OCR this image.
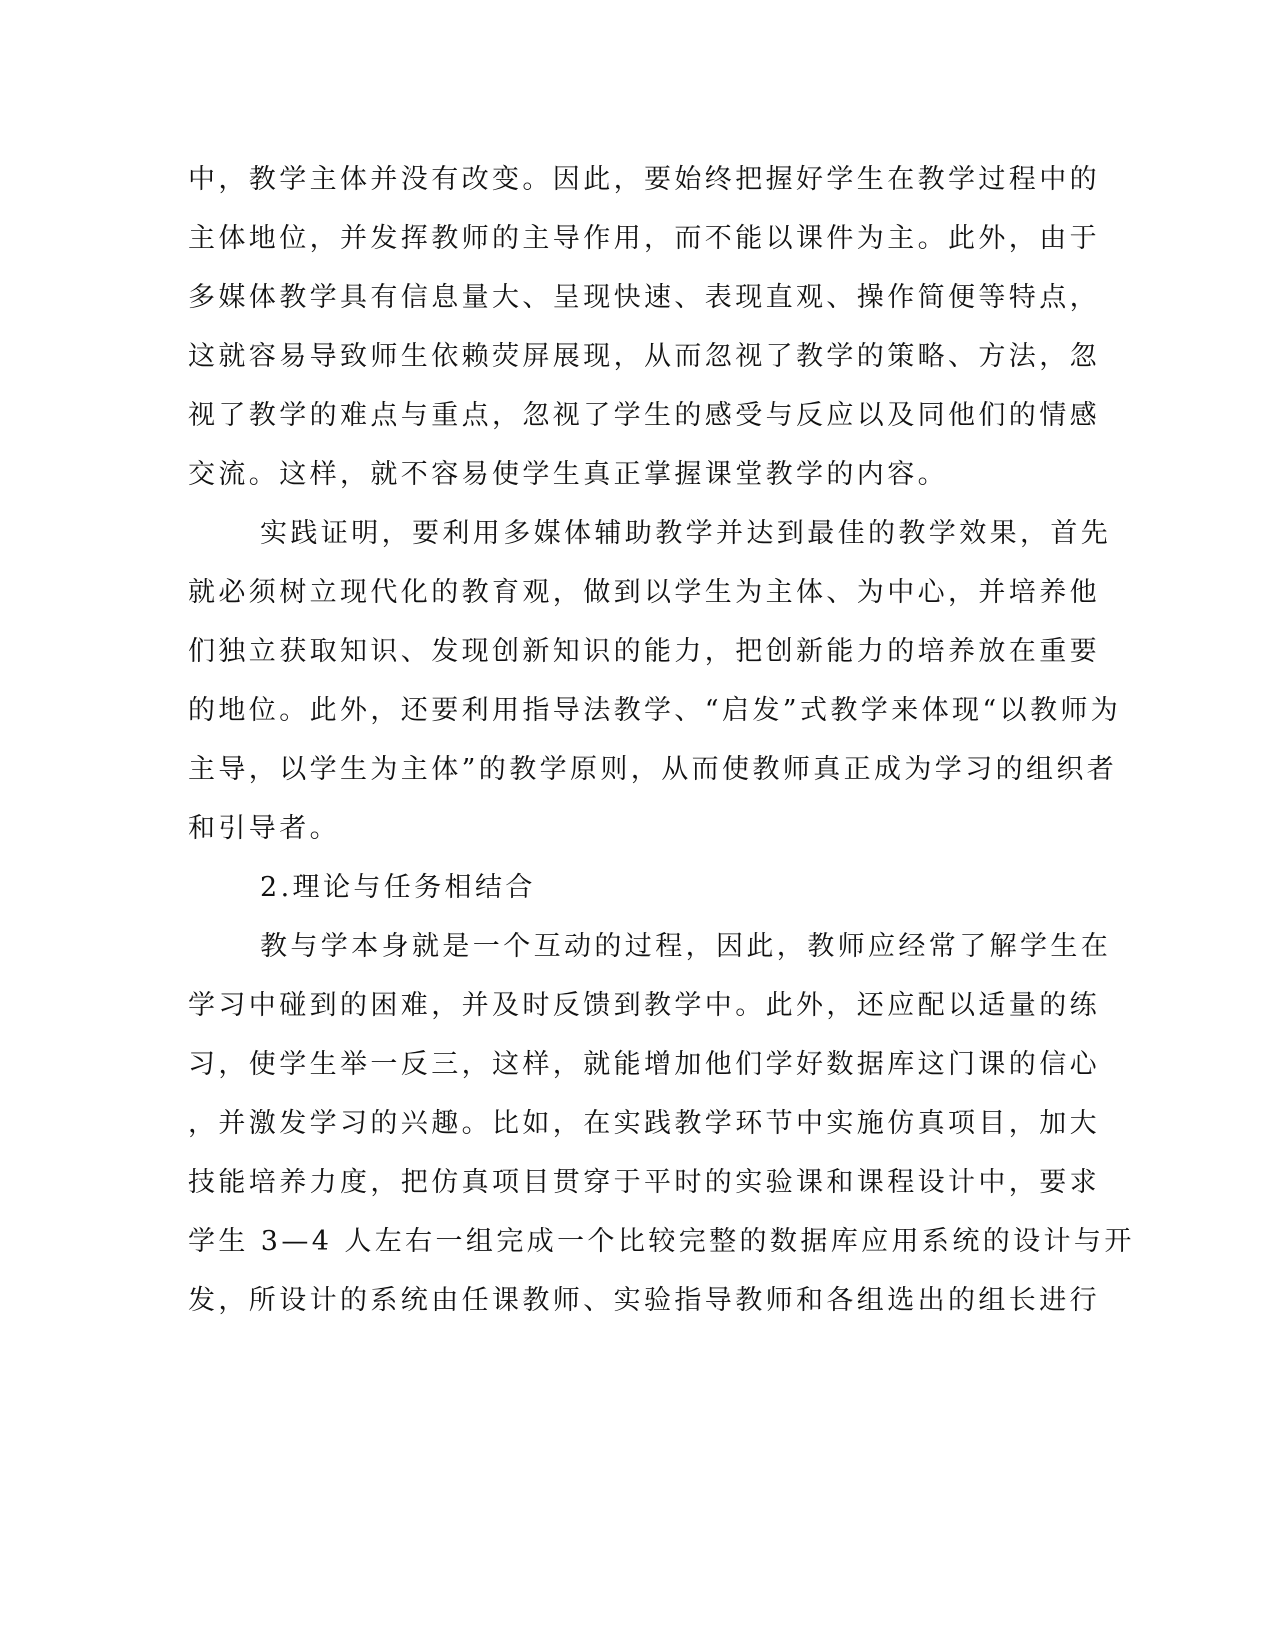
中，教学主体并没有改变。因此，要始终把握好学生在教学过程中的
主体地位，并发挥教师的主导作用，而不能以课件为主。此外，由于
多媒体教学具有信息量大、呈现快速、表现直观、操作简便等特点，
这就容易导致师生依赖荧屏展现，从而忽视了教学的策略、方法，忽
视了教学的难点与重点，忽视了学生的感受与反应以及同他们的情感
交流。这样，就不容易使学生真正掌握课堂教学的内容。
实践证明，要利用多媒体辅助教学并达到最佳的教学效果，首先
就必须树立现代化的教育观，做到以学生为主体、为中心，并培养他
们独立获取知识、发现创新知识的能力，把创新能力的培养放在重要
的地位。此外，还要利用指导法教学、“启发”式教学来体现“以教师为
主导，以学生为主体”的教学原则，从而使教师真正成为学习的组织者
和引导者。
2.理论与任务相结合
教与学本身就是一个互动的过程，因此，教师应经常了解学生在
学习中碰到的困难，并及时反馈到教学中。此外，还应配以适量的练
习，使学生举一反三，这样，就能增加他们学好数据库这门课的信心
，并激发学习的兴趣。比如，在实践教学环节中实施仿真项目，加大
技能培养力度，把仿真项目贯穿于平时的实验课和课程设计中，要求
学生 3—4 人左右一组完成一个比较完整的数据库应用系统的设计与开
发，所设计的系统由任课教师、实验指导教师和各组选出的组长进行
